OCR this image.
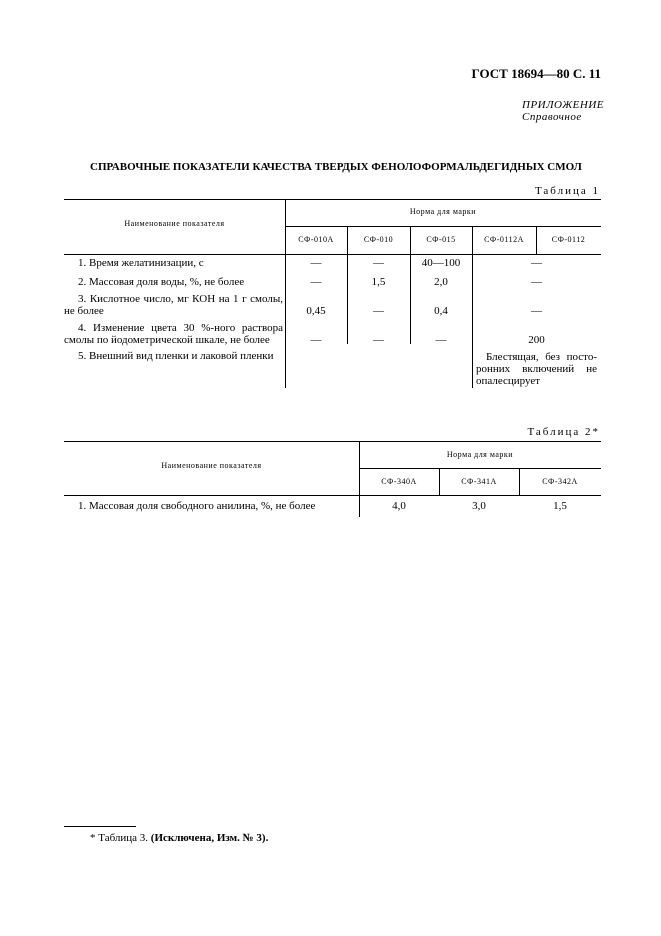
ГОСТ 18694—80 С. 11
ПРИЛОЖЕНИЕ
Справочное
СПРАВОЧНЫЕ ПОКАЗАТЕЛИ КАЧЕСТВА ТВЕРДЫХ ФЕНОЛОФОРМАЛЬДЕГИДНЫХ СМОЛ
Таблица 1
Наименование показателя
Норма для марки
СФ-010А	СФ-010	СФ-015	СФ-0112А	СФ-0112
1. Время желатинизации, с	—	—	40—100	—
2. Массовая доля воды, %, не более	—	1,5	2,0	—
3. Кислотное число, мг КОН на 1 г смолы,
не более	0,45	—	0,4	—
4. Изменение цвета 30 %-ного раствора
смолы по йодометрической шкале, не более	—	—	—	200
5. Внешний вид пленки и лаковой пленки	Блестящая, без посто-
ронних включений не
опалесцирует
Таблица 2*
Наименование показателя
Норма для марки
СФ-340А	СФ-341А	СФ-342А
1. Массовая доля свободного анилина, %, не более	4,0	3,0	1,5
* Таблица 3. (Исключена, Изм. № 3).
